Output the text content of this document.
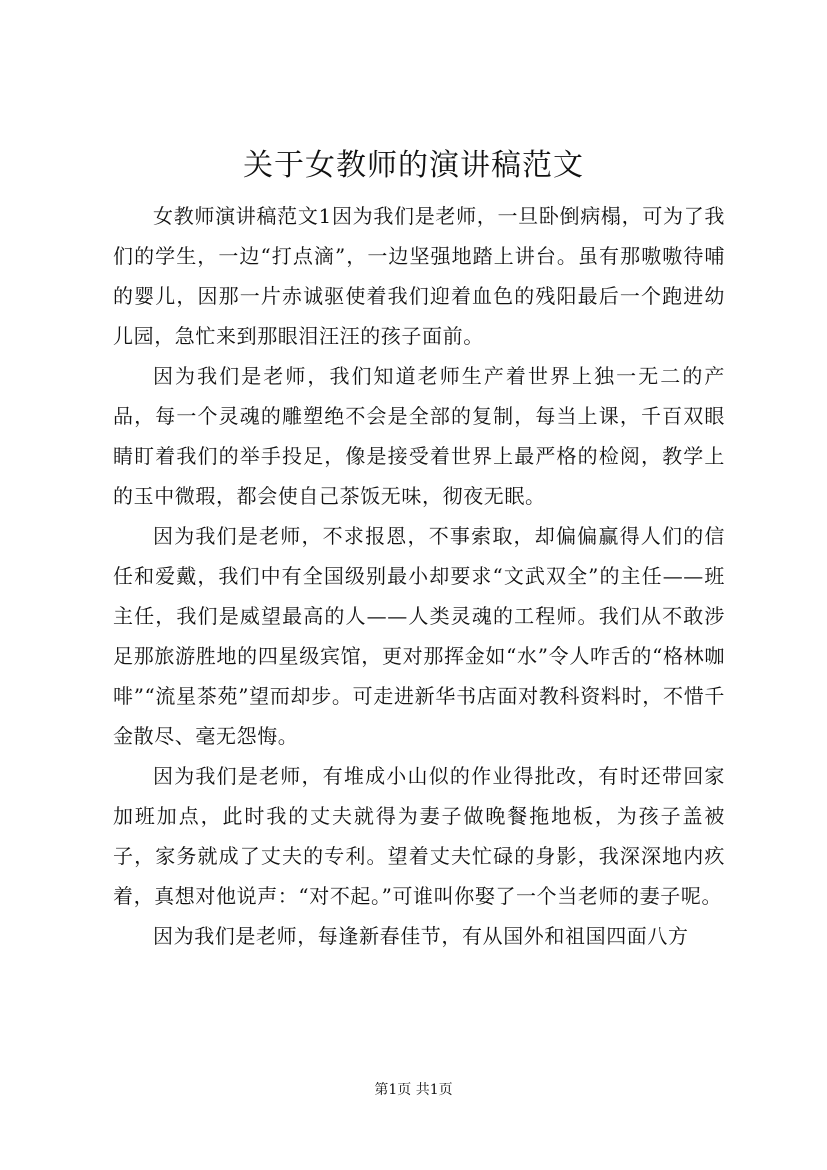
关于女教师的演讲稿范文

女教师演讲稿范文1因为我们是老师，一旦卧倒病榻，可为了我们的学生，一边“打点滴”，一边坚强地踏上讲台。虽有那嗷嗷待哺的婴儿，因那一片赤诚驱使着我们迎着血色的残阳最后一个跑进幼儿园，急忙来到那眼泪汪汪的孩子面前。

因为我们是老师，我们知道老师生产着世界上独一无二的产品，每一个灵魂的雕塑绝不会是全部的复制，每当上课，千百双眼睛盯着我们的举手投足，像是接受着世界上最严格的检阅，教学上的玉中微瑕，都会使自己茶饭无味，彻夜无眠。

因为我们是老师，不求报恩，不事索取，却偏偏赢得人们的信任和爱戴，我们中有全国级别最小却要求“文武双全”的主任——班主任，我们是威望最高的人——人类灵魂的工程师。我们从不敢涉足那旅游胜地的四星级宾馆，更对那挥金如“水”令人咋舌的“格林咖啡”“流星茶苑”望而却步。可走进新华书店面对教科资料时，不惜千金散尽、毫无怨悔。

因为我们是老师，有堆成小山似的作业得批改，有时还带回家加班加点，此时我的丈夫就得为妻子做晚餐拖地板，为孩子盖被子，家务就成了丈夫的专利。望着丈夫忙碌的身影，我深深地内疚着，真想对他说声：“对不起。”可谁叫你娶了一个当老师的妻子呢。

因为我们是老师，每逢新春佳节，有从国外和祖国四面八方

第1页 共1页
